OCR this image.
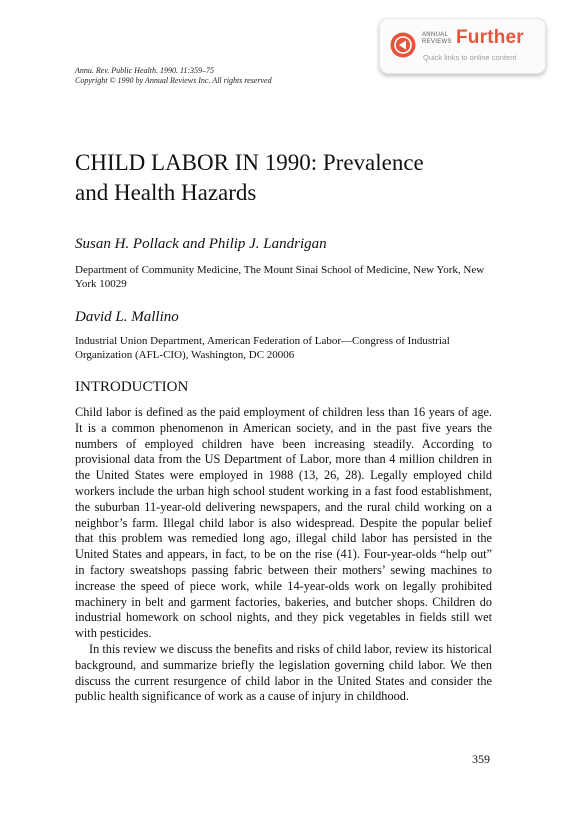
Annu. Rev. Public Health. 1990. 11:359–75
Copyright © 1990 by Annual Reviews Inc. All rights reserved
ANNUAL
REVIEWS Further
Quick links to online content
CHILD LABOR IN 1990: Prevalence
and Health Hazards
Susan H. Pollack and Philip J. Landrigan
Department of Community Medicine, The Mount Sinai School of Medicine, New York, New York 10029
David L. Mallino
Industrial Union Department, American Federation of Labor—Congress of Industrial Organization (AFL-CIO), Washington, DC 20006
INTRODUCTION

Child labor is defined as the paid employment of children less than 16 years of age. It is a common phenomenon in American society, and in the past five years the numbers of employed children have been increasing steadily. According to provisional data from the US Department of Labor, more than 4 million children in the United States were employed in 1988 (13, 26, 28). Legally employed child workers include the urban high school student working in a fast food establishment, the suburban 11-year-old delivering newspapers, and the rural child working on a neighbor’s farm. Illegal child labor is also widespread. Despite the popular belief that this problem was remedied long ago, illegal child labor has persisted in the United States and appears, in fact, to be on the rise (41). Four-year-olds “help out” in factory sweatshops passing fabric between their mothers’ sewing machines to increase the speed of piece work, while 14-year-olds work on legally prohibited machinery in belt and garment factories, bakeries, and butcher shops. Children do industrial homework on school nights, and they pick vegetables in fields still wet with pesticides.

In this review we discuss the benefits and risks of child labor, review its historical background, and summarize briefly the legislation governing child labor. We then discuss the current resurgence of child labor in the United States and consider the public health significance of work as a cause of injury in childhood.

359
